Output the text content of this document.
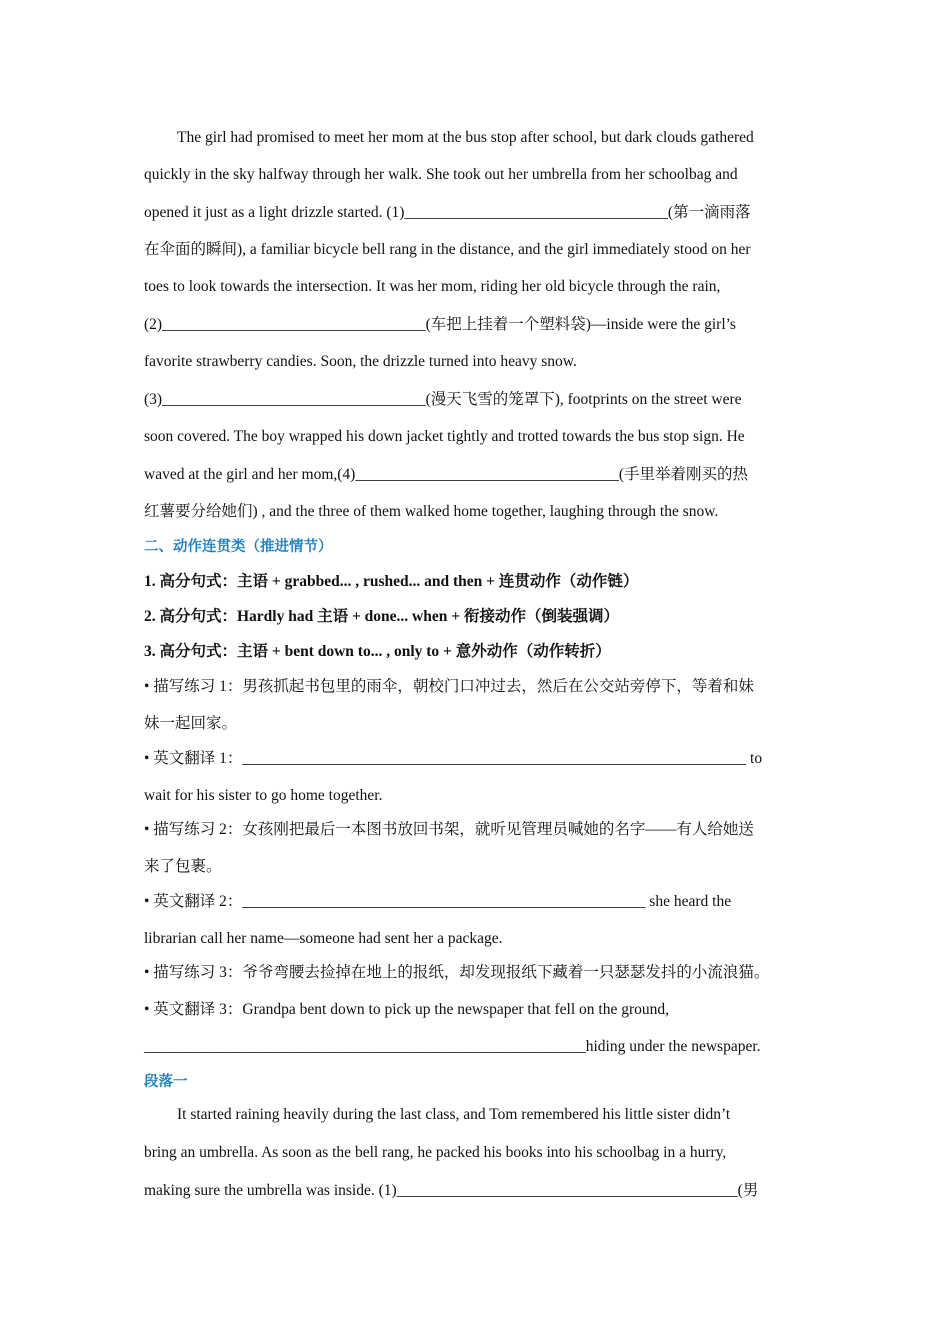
The girl had promised to meet her mom at the bus stop after school, but dark clouds gathered
quickly in the sky halfway through her walk. She took out her umbrella from her schoolbag and
opened it just as a light drizzle started. (1)__________________________________(第一滴雨落
在伞面的瞬间), a familiar bicycle bell rang in the distance, and the girl immediately stood on her
toes to look towards the intersection. It was her mom, riding her old bicycle through the rain,
(2)__________________________________(车把上挂着一个塑料袋)—inside were the girl’s
favorite strawberry candies. Soon, the drizzle turned into heavy snow.
(3)__________________________________(漫天飞雪的笼罩下), footprints on the street were
soon covered. The boy wrapped his down jacket tightly and trotted towards the bus stop sign. He
waved at the girl and her mom,(4)__________________________________(手里举着刚买的热
红薯要分给她们) , and the three of them walked home together, laughing through the snow.
二、动作连贯类（推进情节）
1. 高分句式：主语 + grabbed... , rushed... and then + 连贯动作（动作链）
2. 高分句式：Hardly had 主语 + done... when + 衔接动作（倒装强调）
3. 高分句式：主语 + bent down to... , only to + 意外动作（动作转折）
• 描写练习 1：男孩抓起书包里的雨伞，朝校门口冲过去，然后在公交站旁停下，等着和妹
妹一起回家。
• 英文翻译 1：_________________________________________________________________ to
wait for his sister to go home together.
• 描写练习 2：女孩刚把最后一本图书放回书架，就听见管理员喊她的名字——有人给她送
来了包裹。
• 英文翻译 2：____________________________________________________ she heard the
librarian call her name—someone had sent her a package.
• 描写练习 3：爷爷弯腰去捡掉在地上的报纸，却发现报纸下藏着一只瑟瑟发抖的小流浪猫。
• 英文翻译 3：Grandpa bent down to pick up the newspaper that fell on the ground,
_________________________________________________________hiding under the newspaper.
段落一
It started raining heavily during the last class, and Tom remembered his little sister didn’t
bring an umbrella. As soon as the bell rang, he packed his books into his schoolbag in a hurry,
making sure the umbrella was inside. (1)____________________________________________(男
